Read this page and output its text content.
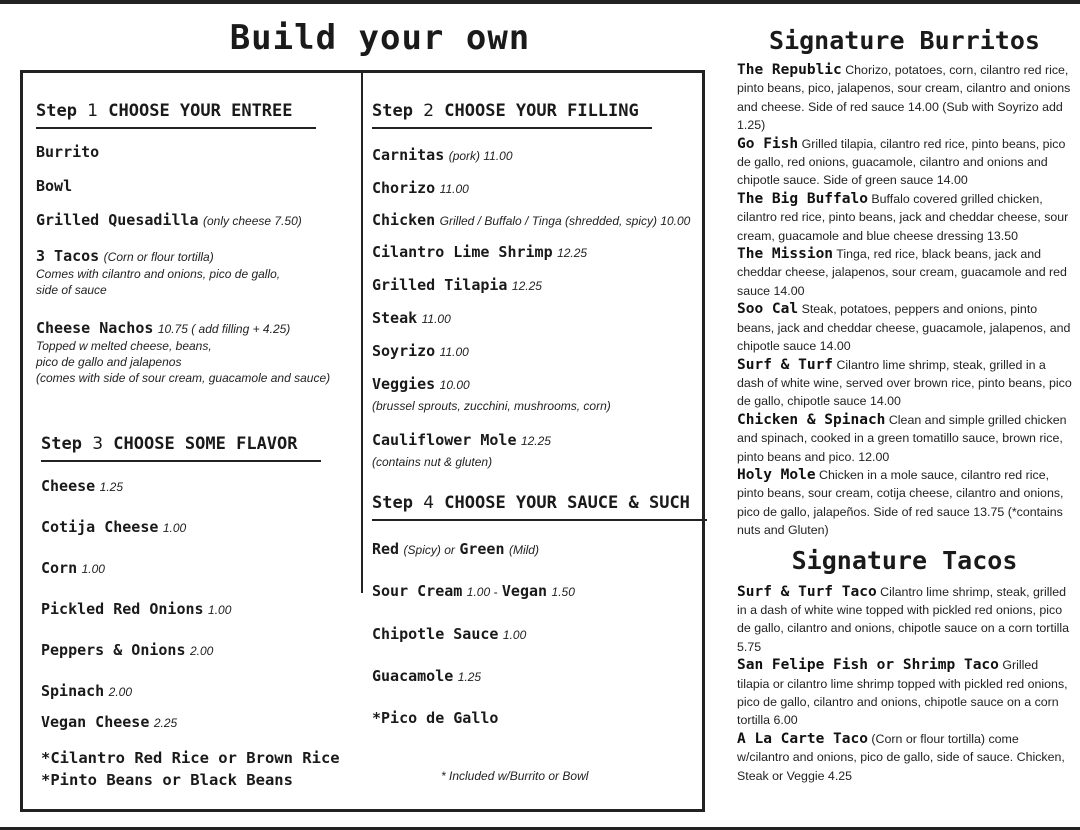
Build your own
Step 1 CHOOSE YOUR ENTREE
Burrito
Bowl
Grilled Quesadilla (only cheese 7.50)
3 Tacos (Corn or flour tortilla)
Comes with cilantro and onions, pico de gallo,
side of sauce
Cheese Nachos 10.75 ( add filling + 4.25)
Topped w melted cheese, beans,
pico de gallo and jalapenos
(comes with side of sour cream, guacamole and sauce)
Step 3 CHOOSE SOME FLAVOR
Cheese 1.25
Cotija Cheese 1.00
Corn 1.00
Pickled Red Onions 1.00
Peppers & Onions 2.00
Spinach 2.00
Vegan Cheese 2.25
*Cilantro Red Rice or Brown Rice
*Pinto Beans or Black Beans
Step 2 CHOOSE YOUR FILLING
Carnitas (pork) 11.00
Chorizo 11.00
Chicken Grilled / Buffalo / Tinga (shredded, spicy) 10.00
Cilantro Lime Shrimp 12.25
Grilled Tilapia 12.25
Steak 11.00
Soyrizo 11.00
Veggies 10.00
(brussel sprouts, zucchini, mushrooms, corn)
Cauliflower Mole 12.25
(contains nut & gluten)
Step 4 CHOOSE YOUR SAUCE & SUCH
Red (Spicy) or Green (Mild)
Sour Cream 1.00 - Vegan 1.50
Chipotle Sauce 1.00
Guacamole 1.25
*Pico de Gallo
* Included w/Burrito or Bowl
Signature Burritos
The Republic Chorizo, potatoes, corn, cilantro red rice, pinto beans, pico, jalapenos, sour cream, cilantro and onions and cheese. Side of red sauce 14.00 (Sub with Soyrizo add 1.25)
Go Fish Grilled tilapia, cilantro red rice, pinto beans, pico de gallo, red onions, guacamole, cilantro and onions and chipotle sauce. Side of green sauce 14.00
The Big Buffalo Buffalo covered grilled chicken, cilantro red rice, pinto beans, jack and cheddar cheese, sour cream, guacamole and blue cheese dressing 13.50
The Mission Tinga, red rice, black beans, jack and cheddar cheese, jalapenos, sour cream, guacamole and red sauce 14.00
Soo Cal Steak, potatoes, peppers and onions, pinto beans, jack and cheddar cheese, guacamole, jalapenos, and chipotle sauce 14.00
Surf & Turf Cilantro lime shrimp, steak, grilled in a dash of white wine, served over brown rice, pinto beans, pico de gallo, chipotle sauce 14.00
Chicken & Spinach Clean and simple grilled chicken and spinach, cooked in a green tomatillo sauce, brown rice, pinto beans and pico. 12.00
Holy Mole Chicken in a mole sauce, cilantro red rice, pinto beans, sour cream, cotija cheese, cilantro and onions, pico de gallo, jalapeños. Side of red sauce 13.75 (*contains nuts and Gluten)
Signature Tacos
Surf & Turf Taco Cilantro lime shrimp, steak, grilled in a dash of white wine topped with pickled red onions, pico de gallo, cilantro and onions, chipotle sauce on a corn tortilla 5.75
San Felipe Fish or Shrimp Taco Grilled tilapia or cilantro lime shrimp topped with pickled red onions, pico de gallo, cilantro and onions, chipotle sauce on a corn tortilla 6.00
A La Carte Taco (Corn or flour tortilla) come w/cilantro and onions, pico de gallo, side of sauce. Chicken, Steak or Veggie 4.25
